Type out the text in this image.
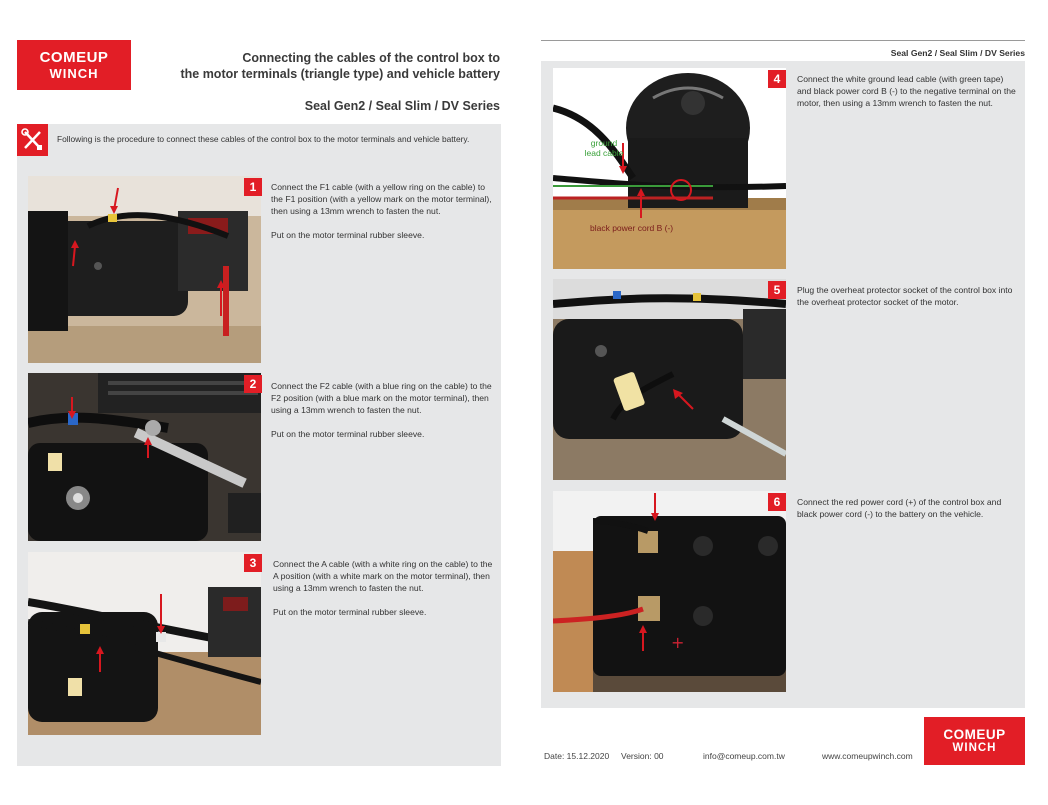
COMEUP
WINCH
Connecting the cables of the control box to
the motor terminals (triangle type) and vehicle battery
Seal Gen2 / Seal Slim / DV Series
Following is the procedure to connect these cables of the control box to the motor terminals and vehicle battery.
1	Connect the F1 cable (with a yellow ring on the cable) to the F1 position (with a yellow mark on the motor terminal), then using a 13mm wrench to fasten the nut.

Put on the motor terminal rubber sleeve.

2	Connect the F2 cable (with a blue ring on the cable) to the F2 position (with a blue mark on the motor terminal), then using a 13mm wrench to fasten the nut.

Put on the motor terminal rubber sleeve.

3	Connect the A cable (with a white ring on the cable) to the A position (with a white mark on the motor terminal), then using a 13mm wrench to fasten the nut.

Put on the motor terminal rubber sleeve.

Seal Gen2 / Seal Slim / DV Series
ground
lead cable
black power cord B (-)
4	Connect the white ground lead cable (with green tape) and black power cord B (-) to the negative terminal on the motor, then using a 13mm wrench to fasten the nut.
5	Plug the overheat protector socket of the control box into the overheat protector socket of the motor.
+
6	Connect the red power cord (+) of the control box and black power cord (-) to the battery on the vehicle.
Date: 15.12.2020 Version: 00	info@comeup.com.tw	www.comeupwinch.com
COMEUP
WINCH
